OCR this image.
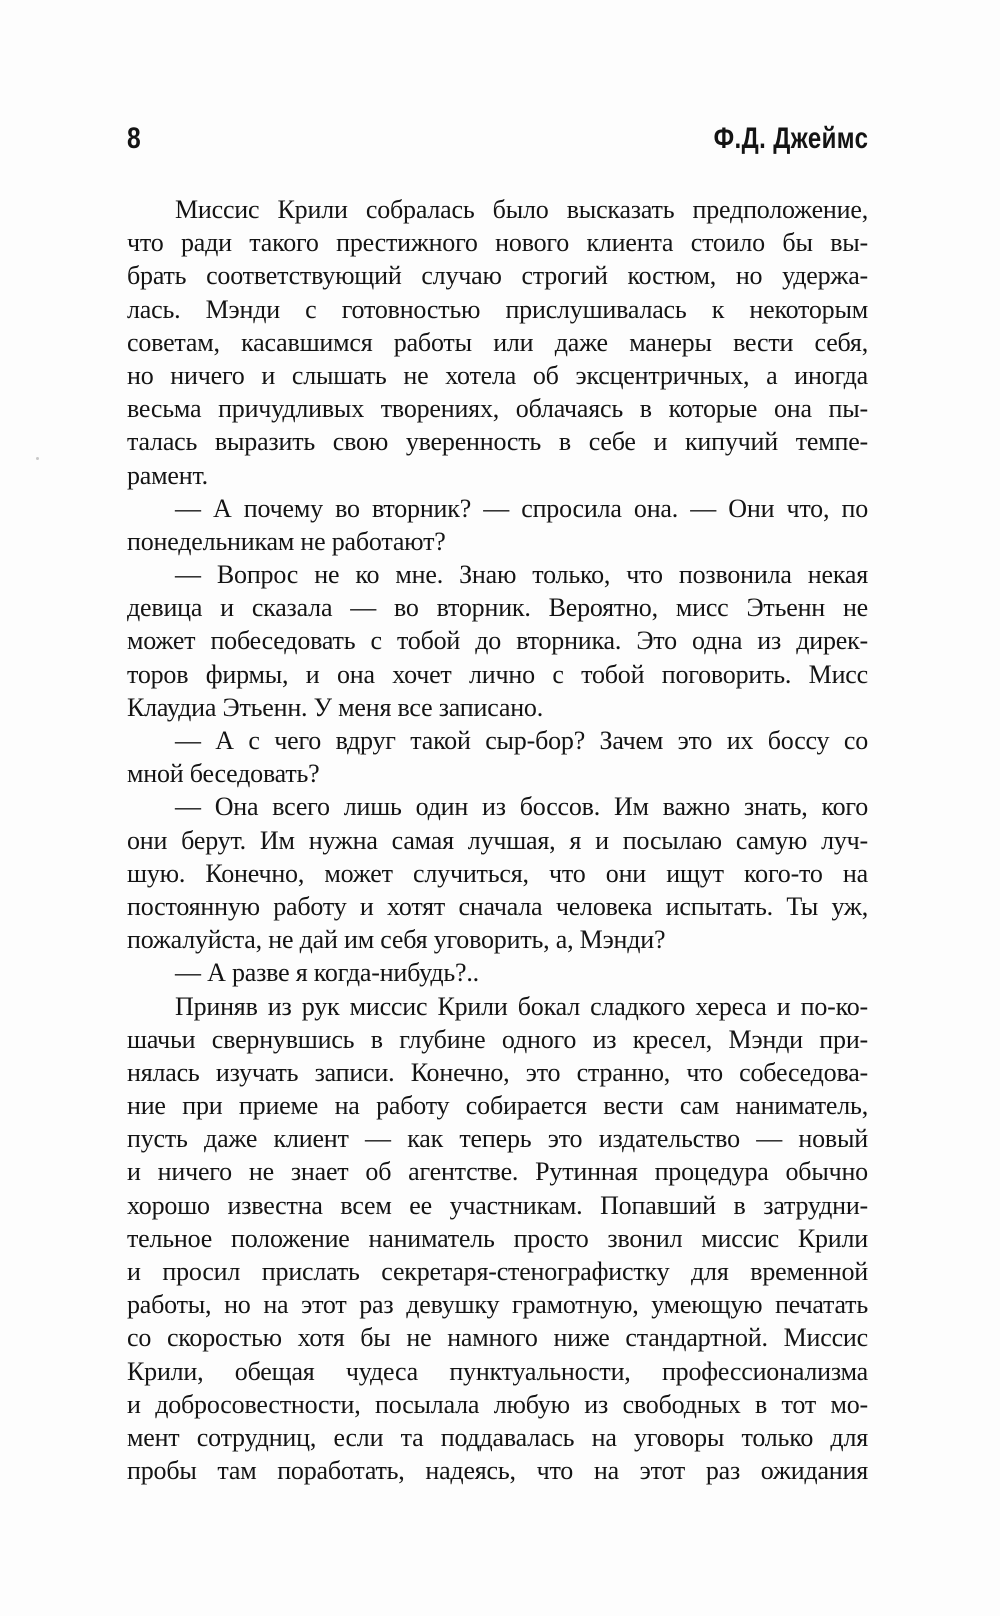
8	Ф.Д. Джеймс
Миссис Крили собралась было высказать предположение,
что ради такого престижного нового клиента стоило бы вы-
брать соответствующий случаю строгий костюм, но удержа-
лась. Мэнди с готовностью прислушивалась к некоторым
советам, касавшимся работы или даже манеры вести себя,
но ничего и слышать не хотела об эксцентричных, а иногда
весьма причудливых творениях, облачаясь в которые она пы-
талась выразить свою уверенность в себе и кипучий темпе-
рамент.
— А почему во вторник? — спросила она. — Они что, по
понедельникам не работают?
— Вопрос не ко мне. Знаю только, что позвонила некая
девица и сказала — во вторник. Вероятно, мисс Этьенн не
может побеседовать с тобой до вторника. Это одна из дирек-
торов фирмы, и она хочет лично с тобой поговорить. Мисс
Клаудиа Этьенн. У меня все записано.
— А с чего вдруг такой сыр-бор? Зачем это их боссу со
мной беседовать?
— Она всего лишь один из боссов. Им важно знать, кого
они берут. Им нужна самая лучшая, я и посылаю самую луч-
шую. Конечно, может случиться, что они ищут кого-то на
постоянную работу и хотят сначала человека испытать. Ты уж,
пожалуйста, не дай им себя уговорить, а, Мэнди?
— А разве я когда-нибудь?..
Приняв из рук миссис Крили бокал сладкого хереса и по-ко-
шачьи свернувшись в глубине одного из кресел, Мэнди при-
нялась изучать записи. Конечно, это странно, что собеседова-
ние при приеме на работу собирается вести сам наниматель,
пусть даже клиент — как теперь это издательство — новый
и ничего не знает об агентстве. Рутинная процедура обычно
хорошо известна всем ее участникам. Попавший в затрудни-
тельное положение наниматель просто звонил миссис Крили
и просил прислать секретаря-стенографистку для временной
работы, но на этот раз девушку грамотную, умеющую печатать
со скоростью хотя бы не намного ниже стандартной. Миссис
Крили, обещая чудеса пунктуальности, профессионализма
и добросовестности, посылала любую из свободных в тот мо-
мент сотрудниц, если та поддавалась на уговоры только для
пробы там поработать, надеясь, что на этот раз ожидания
